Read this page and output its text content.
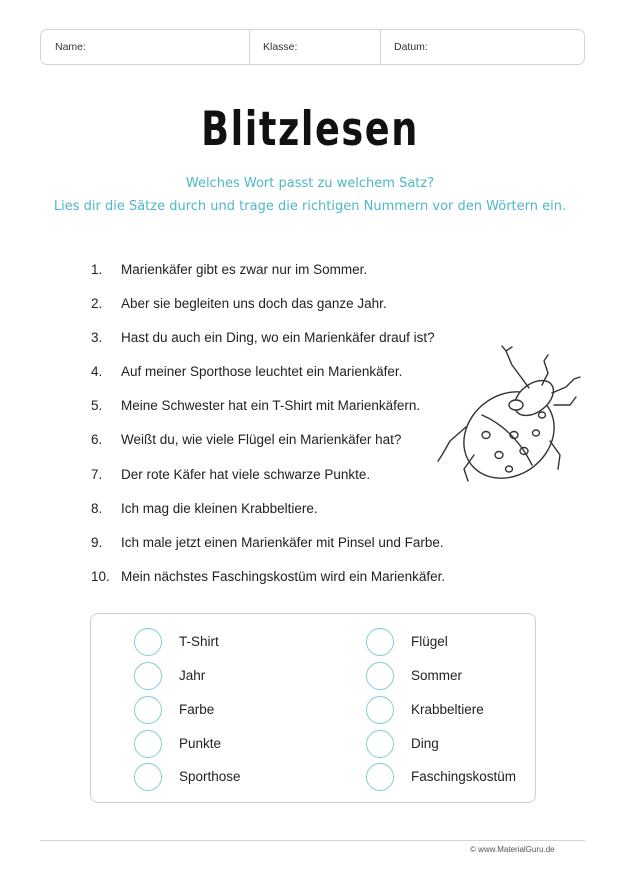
Name:	Klasse:	Datum:
Blitzlesen
Welches Wort passt zu welchem Satz?
Lies dir die Sätze durch und trage die richtigen Nummern vor den Wörtern ein.
1. Marienkäfer gibt es zwar nur im Sommer.
2. Aber sie begleiten uns doch das ganze Jahr.
3. Hast du auch ein Ding, wo ein Marienkäfer drauf ist?
4. Auf meiner Sporthose leuchtet ein Marienkäfer.
5. Meine Schwester hat ein T-Shirt mit Marienkäfern.
6. Weißt du, wie viele Flügel ein Marienkäfer hat?
7. Der rote Käfer hat viele schwarze Punkte.
8. Ich mag die kleinen Krabbeltiere.
9. Ich male jetzt einen Marienkäfer mit Pinsel und Farbe.
10. Mein nächstes Faschingskostüm wird ein Marienkäfer.
T-Shirt
Jahr
Farbe
Punkte
Sporthose
Flügel
Sommer
Krabbeltiere
Ding
Faschingskostüm
© www.MaterialGuru.de
